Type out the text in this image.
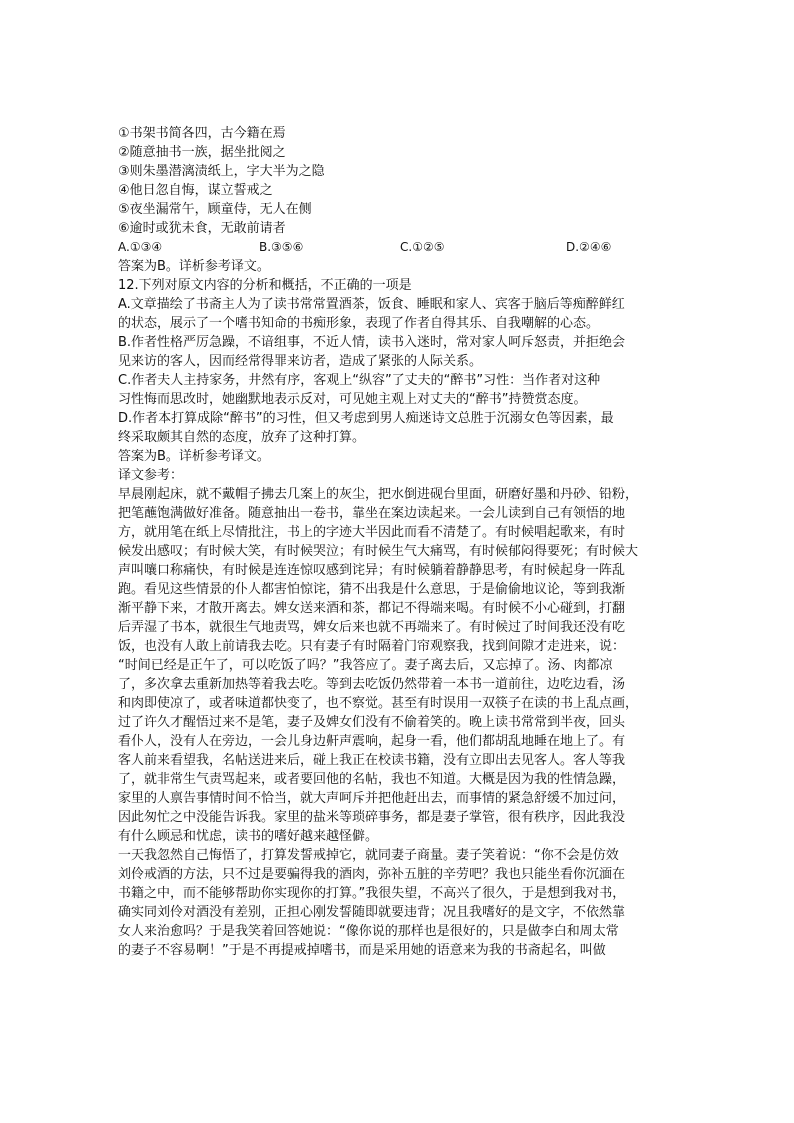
①书架书简各四，古今籍在焉
②随意抽书一族，据坐批阅之
③则朱墨潜漓渍纸上，字大半为之隐
④他日忽自悔，谋立誓戒之
⑤夜坐漏常午，顾童侍，无人在侧
⑥逾时或犹未食，无敢前请者
A.①③④	B.③⑤⑥	C.①②⑤	D.②④⑥
答案为B。详析参考译文。
12.下列对原文内容的分析和概括，不正确的一项是
A.文章描绘了书斋主人为了读书常常置酒茶，饭食、睡眠和家人、宾客于脑后等痴醉鲜红
的状态，展示了一个嗜书知命的书痴形象，表现了作者自得其乐、自我嘲解的心态。
B.作者性格严厉急躁，不谙组事，不近人情，读书入迷时，常对家人呵斥怒责，并拒绝会
见来访的客人，因而经常得罪来访者，造成了紧张的人际关系。
C.作者夫人主持家务，井然有序，客观上“纵容”了丈夫的“醉书”习性：当作者对这种
习性悔而思改时，她幽默地表示反对，可见她主观上对丈夫的“醉书”持赞赏态度。
D.作者本打算成除“醉书”的习性，但又考虑到男人痴迷诗文总胜于沉溺女色等因素，最
终采取颇其自然的态度，放弃了这种打算。
答案为B。详析参考译文。
译文参考：
早晨刚起床，就不戴帽子拂去几案上的灰尘，把水倒进砚台里面，研磨好墨和丹砂、铅粉，
把笔蘸饱满做好准备。随意抽出一卷书，靠坐在案边读起来。一会儿读到自己有领悟的地
方，就用笔在纸上尽情批注，书上的字迹大半因此而看不清楚了。有时候唱起歌来，有时
候发出感叹；有时候大笑，有时候哭泣；有时候生气大痛骂，有时候郁闷得要死；有时候大
声叫嚷口称痛快，有时候是连连惊叹感到诧异；有时候躺着静静思考，有时候起身一阵乱
跑。看见这些情景的仆人都害怕惊诧，猜不出我是什么意思，于是偷偷地议论，等到我渐
渐平静下来，才散开离去。婢女送来酒和茶，都记不得端来喝。有时候不小心碰到，打翻
后弄湿了书本，就很生气地责骂，婢女后来也就不再端来了。有时候过了时间我还没有吃
饭，也没有人敢上前请我去吃。只有妻子有时隔着门帘观察我，找到间隙才走进来，说：
“时间已经是正午了，可以吃饭了吗？”我答应了。妻子离去后，又忘掉了。汤、肉都凉
了，多次拿去重新加热等着我去吃。等到去吃饭仍然带着一本书一道前往，边吃边看，汤
和肉即使凉了，或者味道都快变了，也不察觉。甚至有时误用一双筷子在读的书上乱点画，
过了许久才醒悟过来不是笔，妻子及婢女们没有不偷着笑的。晚上读书常常到半夜，回头
看仆人，没有人在旁边，一会儿身边鼾声震响，起身一看，他们都胡乱地睡在地上了。有
客人前来看望我，名帖送进来后，碰上我正在校读书籍，没有立即出去见客人。客人等我
了，就非常生气责骂起来，或者要回他的名帖，我也不知道。大概是因为我的性情急躁，
家里的人禀告事情时间不恰当，就大声呵斥并把他赶出去，而事情的紧急舒缓不加过问，
因此匆忙之中没能告诉我。家里的盐米等琐碎事务，都是妻子掌管，很有秩序，因此我没
有什么顾忌和忧虑，读书的嗜好越来越怪僻。
一天我忽然自己悔悟了，打算发誓戒掉它，就同妻子商量。妻子笑着说：“你不会是仿效
刘伶戒酒的方法，只不过是要骗得我的酒肉，弥补五脏的辛劳吧？我也只能坐看你沉湎在
书籍之中，而不能够帮助你实现你的打算。”我很失望，不高兴了很久，于是想到我对书，
确实同刘伶对酒没有差别，正担心刚发誓随即就要违背；况且我嗜好的是文字，不依然靠
女人来治愈吗？于是我笑着回答她说：“像你说的那样也是很好的，只是做李白和周太常
的妻子不容易啊！”于是不再提戒掉嗜书，而是采用她的语意来为我的书斋起名，叫做
